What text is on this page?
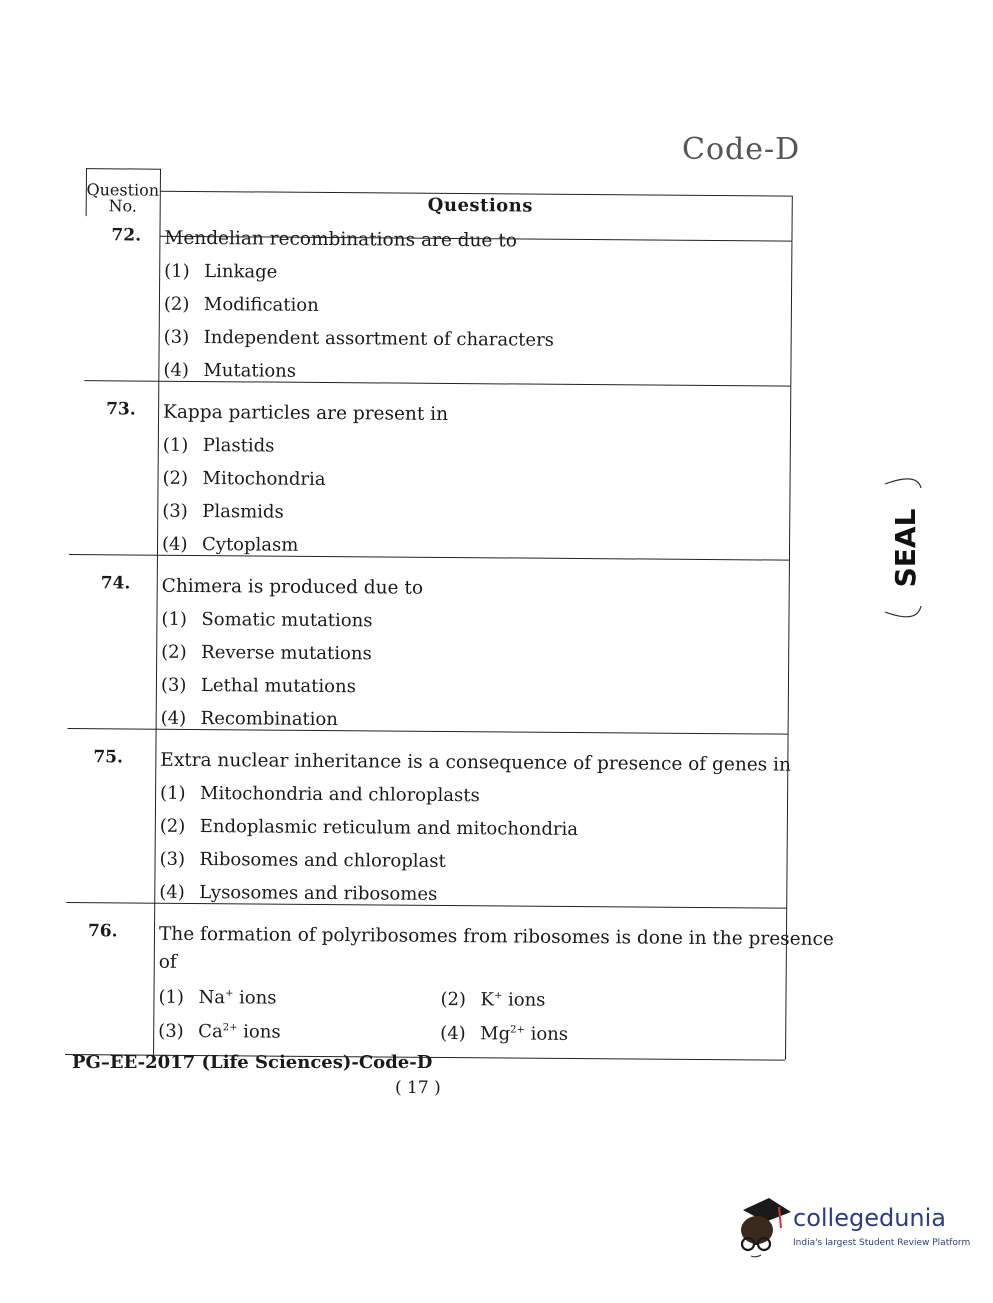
Code-D
Question
No.	Questions
72. Mendelian recombinations are due to
(1) Linkage
(2) Modification
(3) Independent assortment of characters
(4) Mutations
73. Kappa particles are present in
(1) Plastids
(2) Mitochondria
(3) Plasmids
(4) Cytoplasm
74. Chimera is produced due to
(1) Somatic mutations
(2) Reverse mutations
(3) Lethal mutations
(4) Recombination
75. Extra nuclear inheritance is a consequence of presence of genes in
(1) Mitochondria and chloroplasts
(2) Endoplasmic reticulum and mitochondria
(3) Ribosomes and chloroplast
(4) Lysosomes and ribosomes
76. The formation of polyribosomes from ribosomes is done in the presence
of
(1) Na+ ions	(2) K+ ions
(3) $Ca^{2+}$ ions	(4) $Mg^{2+}$ ions
PG–EE-2017 (Life Sciences)-Code-D
( 17 )
SEAL
collegedunia
India's largest Student Review Platform
